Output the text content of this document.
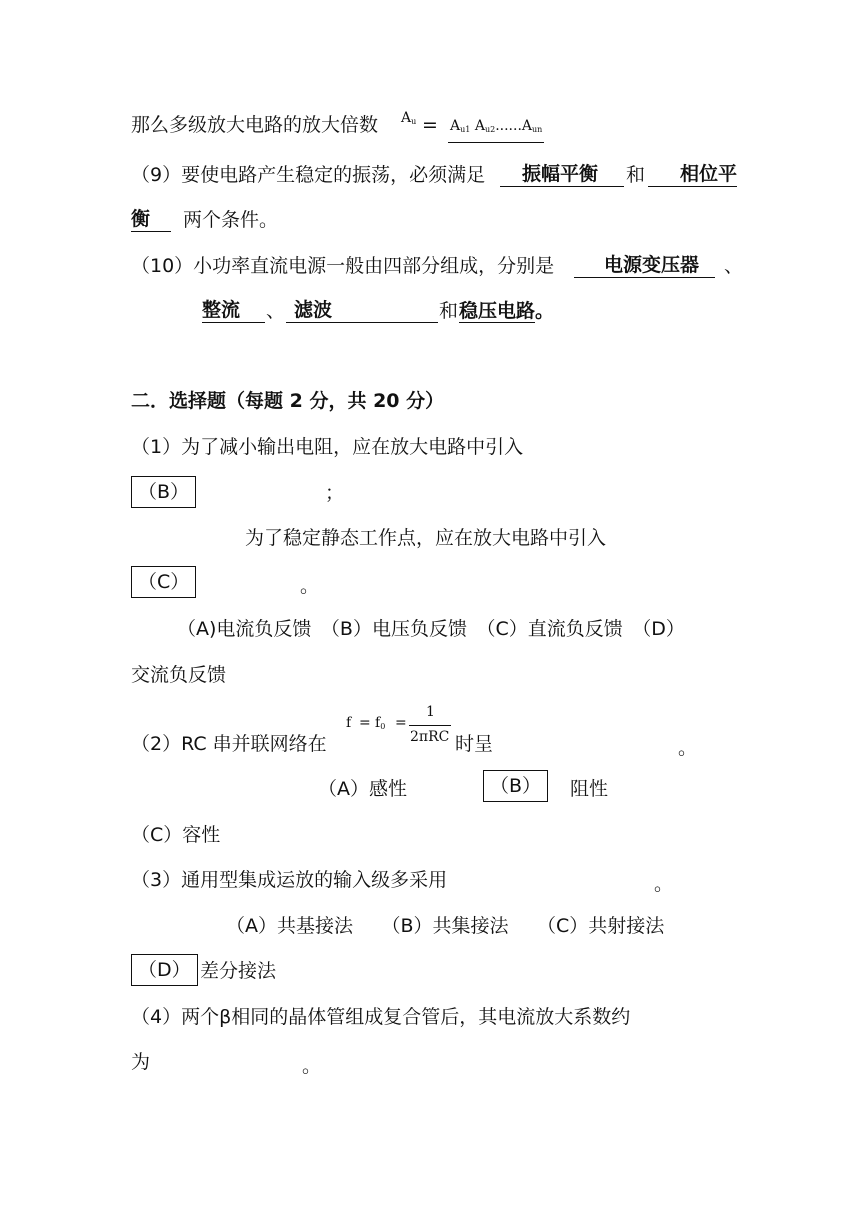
那么多级放大电路的放大倍数 $A_u = A_{u1}$ $A_{u2}......A_{un}$
（9）要使电路产生稳定的振荡，必须满足	振幅平衡	和	相位平
衡	两个条件。
（10）小功率直流电源一般由四部分组成，分别是	电源变压器	、
整流	、 滤波	和 稳压电路。
二．选择题（每题 2 分，共 20 分）
（1）为了减小输出电阻，应在放大电路中引入
（B）	；
为了稳定静态工作点，应在放大电路中引入
（C）	。
（A)电流负反馈　（B）电压负反馈　（C）直流负反馈　（D）
交流负反馈
（2）RC 串并联网络在
$f = f_0$ =
1
2πRC 时呈	。
（A）感性	（B）	阻性
（C）容性
（3）通用型集成运放的输入级多采用	。
（A）共基接法　　（B）共集接法　　（C）共射接法
（D） 差分接法
（4）两个β相同的晶体管组成复合管后，其电流放大系数约
为	。
